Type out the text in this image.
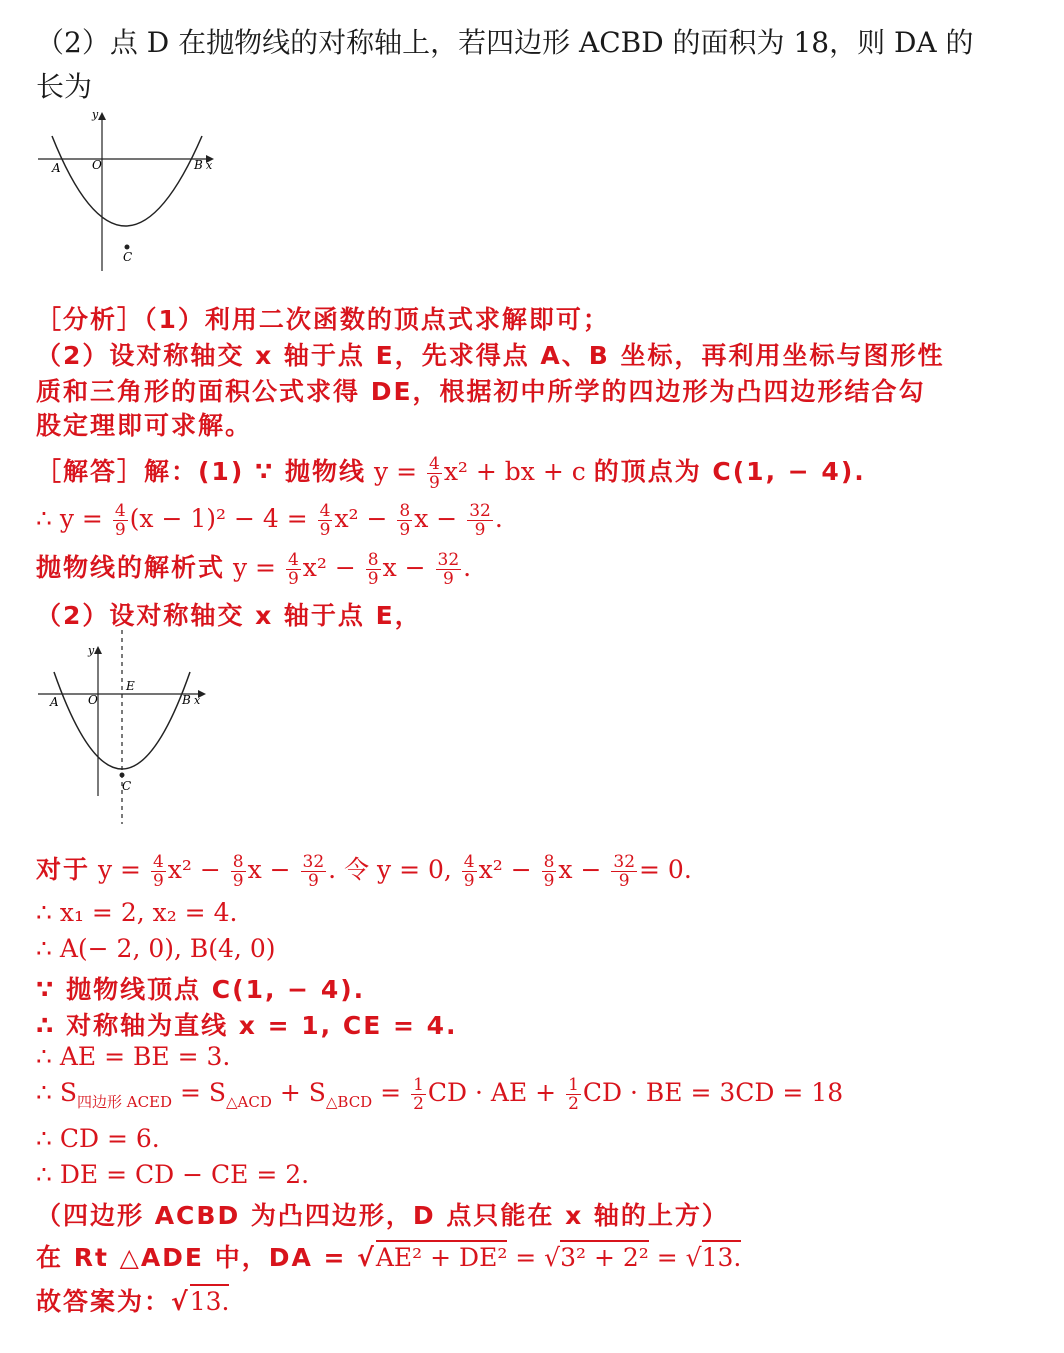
（2）点 D 在抛物线的对称轴上，若四边形 ACBD 的面积为 18，则 DA 的
长为
y
x
A	O	B
C
［分析］（1）利用二次函数的顶点式求解即可；
（2）设对称轴交 x 轴于点 E，先求得点 A、B 坐标，再利用坐标与图形性
质和三角形的面积公式求得 DE，根据初中所学的四边形为凸四边形结合勾
股定理即可求解。
［解答］解：(1) ∵ 抛物线 $y = \frac{4}{9} x^2$ + bx + c 的顶点为 C(1, − 4).
∴ $y = \frac{4}{9} (x - 1)^2 - 4 = \frac{4}{9} x^2 - \frac{8}{9}$ $x - \frac{32}{9}$ .
抛物线的解析式 $y = \frac{4}{9} x^2 - \frac{8}{9}$ $x - \frac{32}{9}$ .
（2）设对称轴交 x 轴于点 E，
y
x
A O
E
B
C
对于 $y = \frac{4}{9} x^2 - \frac{8}{9}$ $x - \frac{32}{9}$ . 令 y = 0, $\frac{4}{9} x^2 - \frac{8}{9}$ $x - \frac{32}{9} = 0$.
∴ x₁ = 2, x₂ = 4.
∴ A(− 2, 0), B(4, 0)
∵ 抛物线顶点 C(1, − 4).
∴ 对称轴为直线 x = 1, CE = 4.
∴ AE = BE = 3.
∴ $S_{四边形 ACED} = S_{\triangle ACD} + S_{\triangle BCD} = \frac{1}{2}$ CD · AE + $\frac{1}{2}$ CD · BE = 3CD = 18
∴ CD = 6.
∴ DE = CD − CE = 2.
（四边形 ACBD 为凸四边形，D 点只能在 x 轴的上方）
在 Rt △ADE 中，DA = √AE² + DE² = √3² + 2² = √13.
故答案为：√13.
